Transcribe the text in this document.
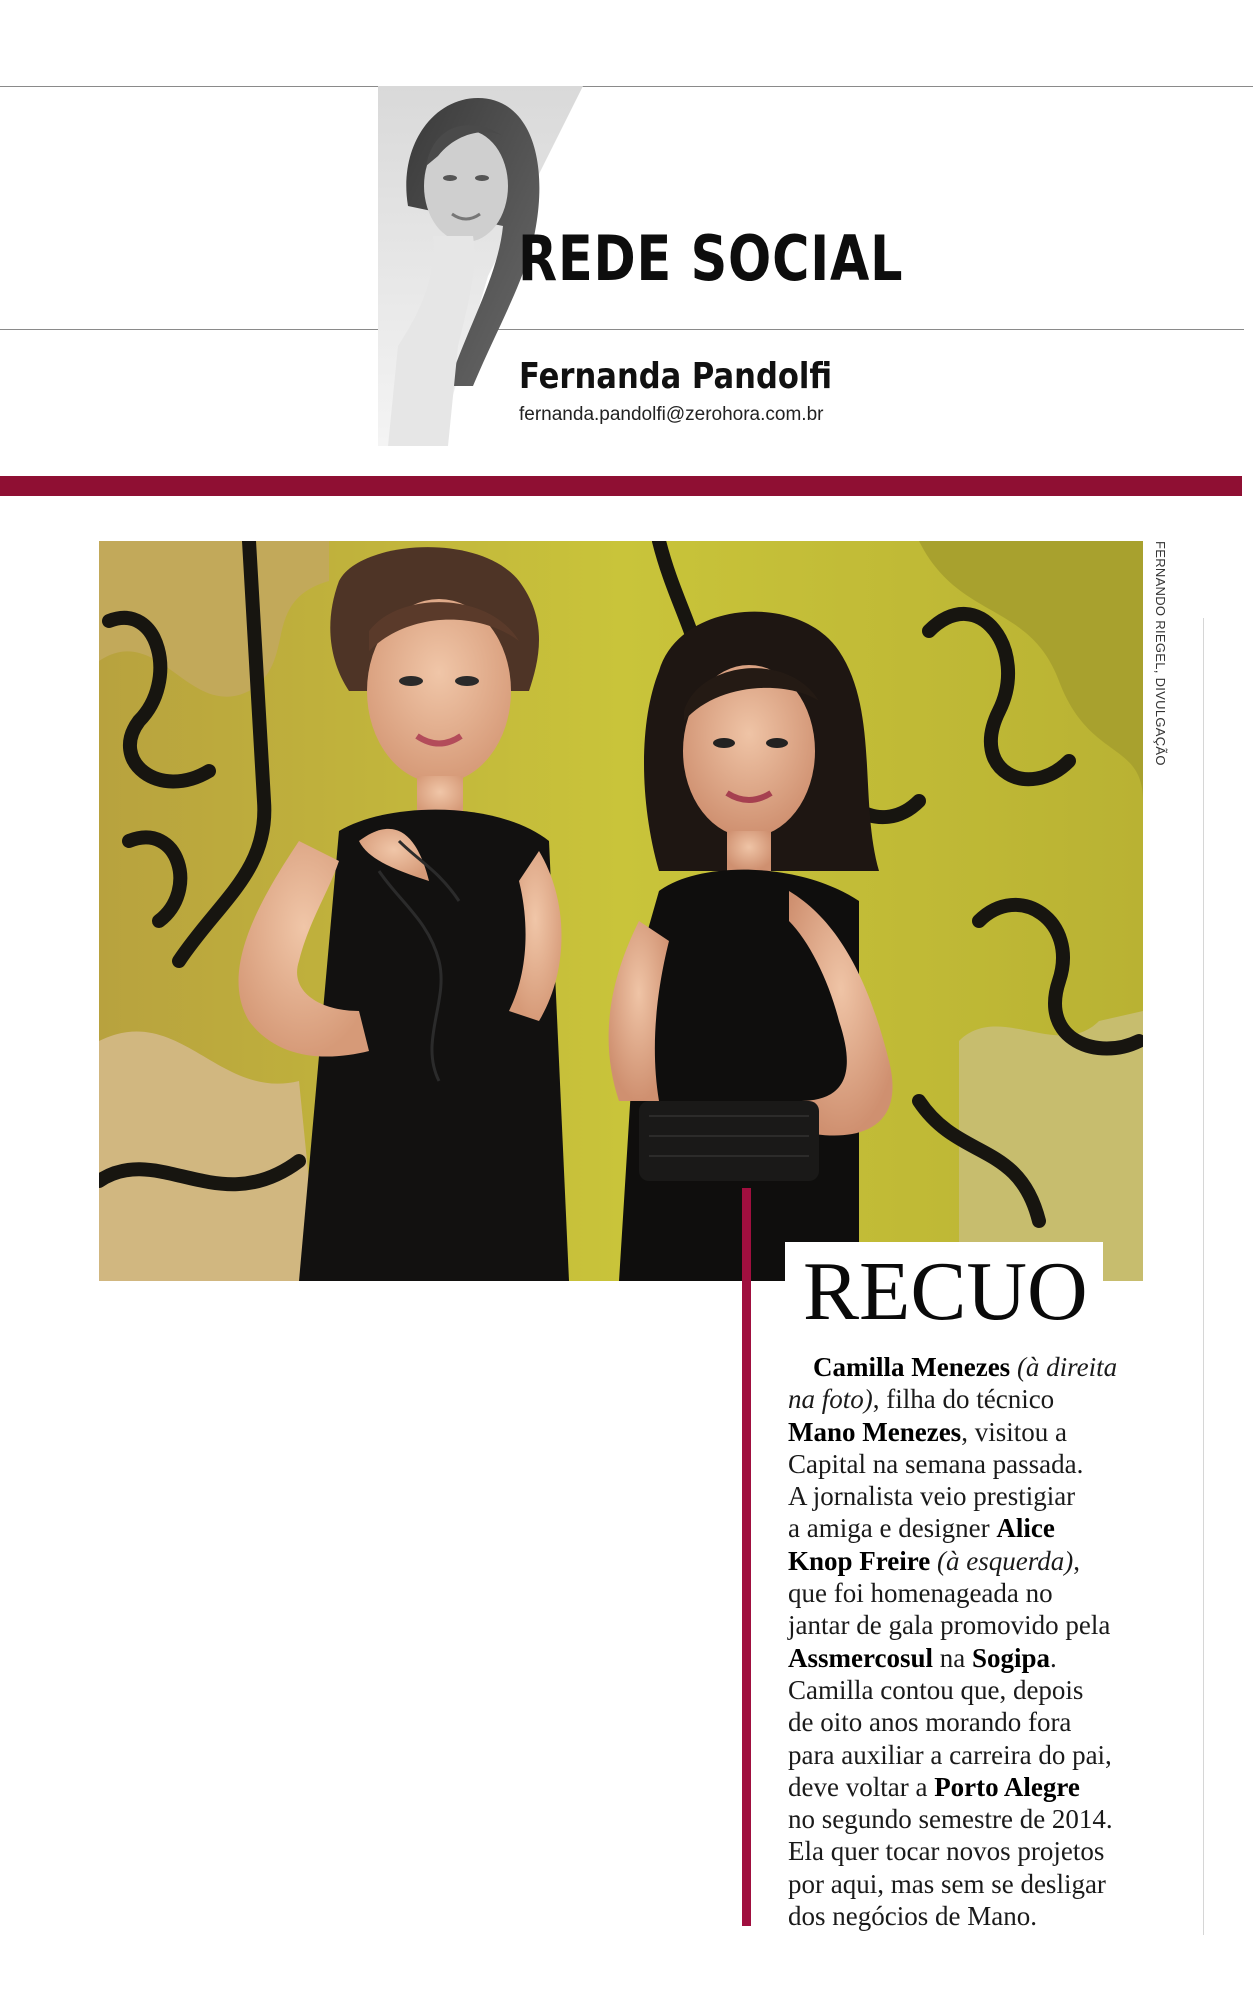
REDE SOCIAL
Fernanda Pandolfi
fernanda.pandolfi@zerohora.com.br
FERNANDO RIEGEL, DIVULGAÇÃO
RECUO
Camilla Menezes (à direita
na foto), filha do técnico
Mano Menezes, visitou a
Capital na semana passada.
A jornalista veio prestigiar
a amiga e designer Alice
Knop Freire (à esquerda),
que foi homenageada no
jantar de gala promovido pela
Assmercosul na Sogipa.
Camilla contou que, depois
de oito anos morando fora
para auxiliar a carreira do pai,
deve voltar a Porto Alegre
no segundo semestre de 2014.
Ela quer tocar novos projetos
por aqui, mas sem se desligar
dos negócios de Mano.
